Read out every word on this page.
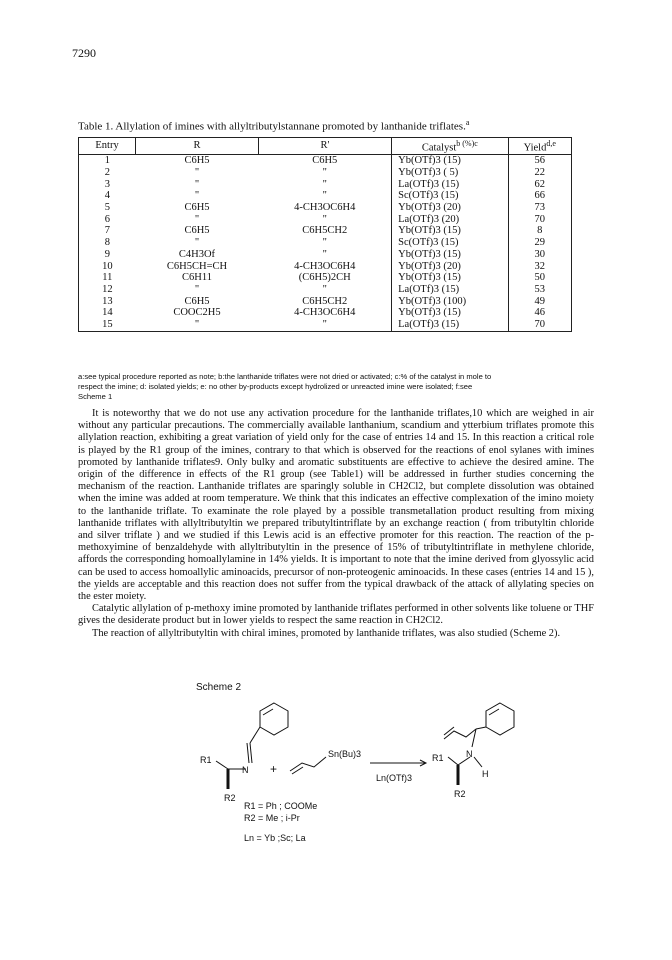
7290
Table 1. Allylation of imines with allyltributylstannane promoted by lanthanide triflates.$^a$
Entry	R	R'	Catalyst$^{b (\%)c}$	Yield$^{d,e}$
1	C6H5	C6H5	Yb(OTf)3 (15)	56
2	"	"	Yb(OTf)3 ( 5)	22
3	"	"	La(OTf)3 (15)	62
4	"	"	Sc(OTf)3 (15)	66
5	C6H5	4-CH3OC6H4	Yb(OTf)3 (20)	73
6	"	"	La(OTf)3 (20)	70
7	C6H5	C6H5CH2	Yb(OTf)3 (15)	8
8	"	"	Sc(OTf)3 (15)	29
9	C4H3Of	"	Yb(OTf)3 (15)	30
10	C6H5CH=CH	4-CH3OC6H4	Yb(OTf)3 (20)	32
11	C6H11	(C6H5)2CH	Yb(OTf)3 (15)	50
12	"	"	La(OTf)3 (15)	53
13	C6H5	C6H5CH2	Yb(OTf)3 (100)	49
14	COOC2H5	4-CH3OC6H4	Yb(OTf)3 (15)	46
15	"	"	La(OTf)3 (15)	70
a:see typical procedure reported as note; b:the lanthanide triflates were not dried or activated; c:% of the catalyst in mole to respect the imine; d: isolated yields; e: no other by-products except hydrolized or unreacted imine were isolated; f:see Scheme 1

It is noteworthy that we do not use any activation procedure for the lanthanide triflates,10 which are weighed in air without any particular precautions. The commercially available lanthanium, scandium and ytterbium triflates promote this allylation reaction, exhibiting a great variation of yield only for the case of entries 14 and 15. In this reaction a critical role is played by the R1 group of the imines, contrary to that which is observed for the reactions of enol sylanes with imines promoted by lanthanide triflates9. Only bulky and aromatic substituents are effective to achieve the desired amine. The origin of the difference in effects of the R1 group (see Table1) will be addressed in further studies concerning the mechanism of the reaction. Lanthanide triflates are sparingly soluble in CH2Cl2, but complete dissolution was obtained when the imine was added at room temperature. We think that this indicates an effective complexation of the imino moiety to the lanthanide triflate. To examinate the role played by a possible transmetallation product resulting from mixing lanthanide triflates with allyltributyltin we prepared tributyltintriflate by an exchange reaction ( from tributyltin chloride and silver triflate ) and we studied if this Lewis acid is an effective promoter for this reaction. The reaction of the p-methoxyimine of benzaldehyde with allyltributyltin in the presence of 15% of tributyltintriflate in methylene chloride, affords the corresponding homoallylamine in 14% yields. It is important to note that the imine derived from glyossylic acid can be used to access homoallylic aminoacids, precursor of non-proteogenic aminoacids. In these cases (entries 14 and 15 ), the yields are acceptable and this reaction does not suffer from the typical drawback of the attack of allylating species on the ester moiety.

Catalytic allylation of p-methoxy imine promoted by lanthanide triflates performed in other solvents like toluene or THF gives the desiderate product but in lower yields to respect the same reaction in CH2Cl2.

The reaction of allyltributyltin with chiral imines, promoted by lanthanide triflates, was also studied (Scheme 2).

Scheme 2
N
R1
R2
+
Sn(Bu)3
Ln(OTf)3
N
H
R1
R2
R1 = Ph ; COOMe
R2 = Me ; i-Pr
Ln = Yb ;Sc; La
